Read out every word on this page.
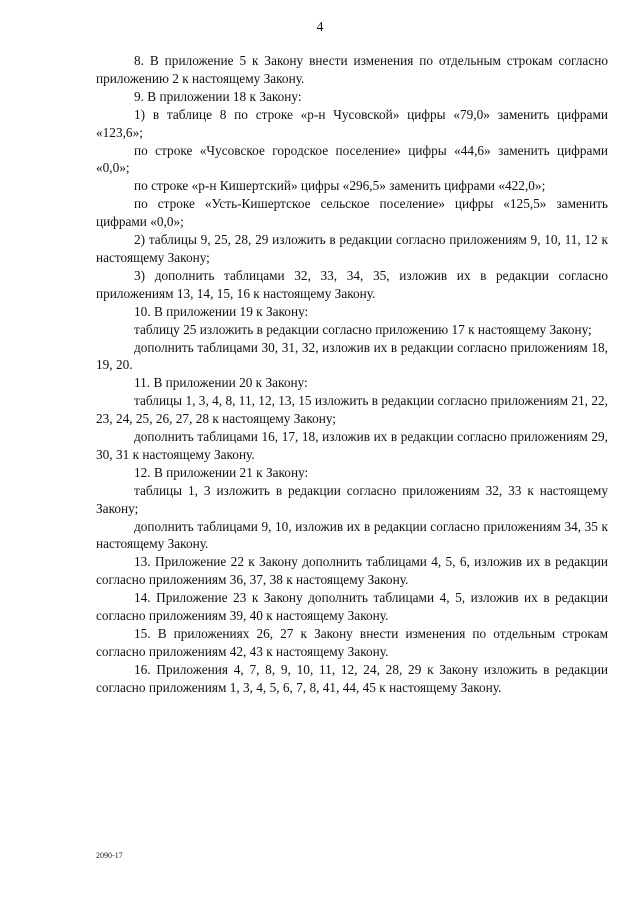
4

8. В приложение 5 к Закону внести изменения по отдельным строкам согласно приложению 2 к настоящему Закону.

9. В приложении 18 к Закону:

1) в таблице 8 по строке «р-н Чусовской» цифры «79,0» заменить цифрами «123,6»;

по строке «Чусовское городское поселение» цифры «44,6» заменить цифрами «0,0»;

по строке «р-н Кишертский» цифры «296,5» заменить цифрами «422,0»;

по строке «Усть-Кишертское сельское поселение» цифры «125,5» заменить цифрами «0,0»;

2) таблицы 9, 25, 28, 29 изложить в редакции согласно приложениям 9, 10, 11, 12 к настоящему Закону;

3) дополнить таблицами 32, 33, 34, 35, изложив их в редакции согласно приложениям 13, 14, 15, 16 к настоящему Закону.

10. В приложении 19 к Закону:

таблицу 25 изложить в редакции согласно приложению 17 к настоящему Закону;

дополнить таблицами 30, 31, 32, изложив их в редакции согласно приложениям 18, 19, 20.

11. В приложении 20 к Закону:

таблицы 1, 3, 4, 8, 11, 12, 13, 15 изложить в редакции согласно приложениям 21, 22, 23, 24, 25, 26, 27, 28 к настоящему Закону;

дополнить таблицами 16, 17, 18, изложив их в редакции согласно приложениям 29, 30, 31 к настоящему Закону.

12. В приложении 21 к Закону:

таблицы 1, 3 изложить в редакции согласно приложениям 32, 33 к настоящему Закону;

дополнить таблицами 9, 10, изложив их в редакции согласно приложениям 34, 35 к настоящему Закону.

13. Приложение 22 к Закону дополнить таблицами 4, 5, 6, изложив их в редакции согласно приложениям 36, 37, 38 к настоящему Закону.

14. Приложение 23 к Закону дополнить таблицами 4, 5, изложив их в редакции согласно приложениям 39, 40 к настоящему Закону.

15. В приложениях 26, 27 к Закону внести изменения по отдельным строкам согласно приложениям 42, 43 к настоящему Закону.

16. Приложения 4, 7, 8, 9, 10, 11, 12, 24, 28, 29 к Закону изложить в редакции согласно приложениям 1, 3, 4, 5, 6, 7, 8, 41, 44, 45 к настоящему Закону.

2090-17
